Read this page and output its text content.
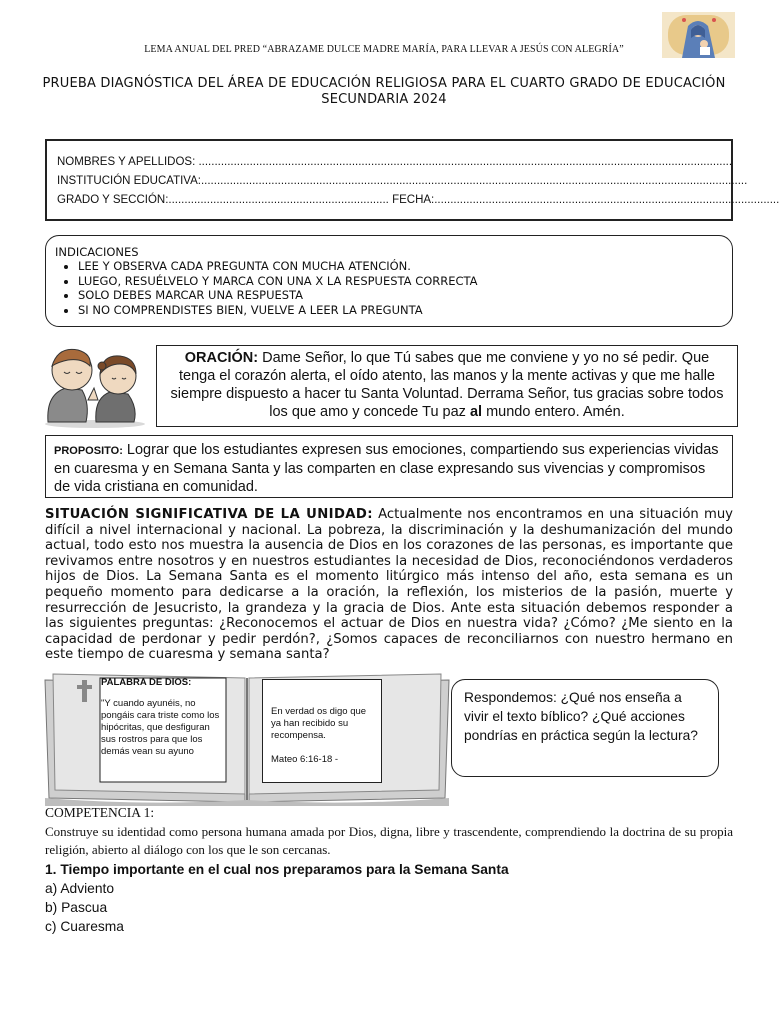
LEMA ANUAL DEL PRED “ABRAZAME DULCE MADRE MARÍA, PARA LLEVAR A JESÚS CON ALEGRÍA”
PRUEBA DIAGNÓSTICA DEL ÁREA DE EDUCACIÓN RELIGIOSA PARA EL CUARTO GRADO DE EDUCACIÓN SECUNDARIA 2024
NOMBRES Y APELLIDOS: .......................................................................................................................................................................
INSTITUCIÓN EDUCATIVA:...........................................................................................................................................................................
GRADO Y SECCIÓN:..................................................................... FECHA:............................................................................................................
INDICACIONES
• LEE Y OBSERVA CADA PREGUNTA CON MUCHA ATENCIÓN.
• LUEGO, RESUÉLVELO Y MARCA CON UNA X LA RESPUESTA CORRECTA
• SOLO DEBES MARCAR UNA RESPUESTA
• SI NO COMPRENDISTES BIEN, VUELVE A LEER LA PREGUNTA
ORACIÓN: Dame Señor, lo que Tú sabes que me conviene y yo no sé pedir. Que tenga el corazón alerta, el oído atento, las manos y la mente activas y que me halle siempre dispuesto a hacer tu Santa Voluntad. Derrama Señor, tus gracias sobre todos los que amo y concede Tu paz al mundo entero. Amén.
PROPOSITO: Lograr que los estudiantes expresen sus emociones, compartiendo sus experiencias vividas en cuaresma y en Semana Santa y las comparten en clase expresando sus vivencias y compromisos de vida cristiana en comunidad.
SITUACIÓN SIGNIFICATIVA DE LA UNIDAD: Actualmente nos encontramos en una situación muy difícil a nivel internacional y nacional. La pobreza, la discriminación y la deshumanización del mundo actual, todo esto nos muestra la ausencia de Dios en los corazones de las personas, es importante que revivamos entre nosotros y en nuestros estudiantes la necesidad de Dios, reconociéndonos verdaderos hijos de Dios. La Semana Santa es el momento litúrgico más intenso del año, esta semana es un pequeño momento para dedicarse a la oración, la reflexión, los misterios de la pasión, muerte y resurrección de Jesucristo, la grandeza y la gracia de Dios. Ante esta situación debemos responder a las siguientes preguntas: ¿Reconocemos el actuar de Dios en nuestra vida? ¿Cómo? ¿Me siento en la capacidad de perdonar y pedir perdón?, ¿Somos capaces de reconciliarnos con nuestro hermano en este tiempo de cuaresma y semana santa?
PALABRA DE DIOS:
"Y cuando ayunéis, no pongáis cara triste como los hipócritas, que desfiguran sus rostros para que los demás vean su ayuno
En verdad os digo que ya han recibido su recompensa.
Mateo 6:16-18 -
Respondemos: ¿Qué nos enseña a vivir el texto bíblico? ¿Qué acciones pondrías en práctica según la lectura?
COMPETENCIA 1:
Construye su identidad como persona humana amada por Dios, digna, libre y trascendente, comprendiendo la doctrina de su propia religión, abierto al diálogo con los que le son cercanas.
1. Tiempo importante en el cual nos preparamos para la Semana Santa
a) Adviento
b) Pascua
c) Cuaresma
